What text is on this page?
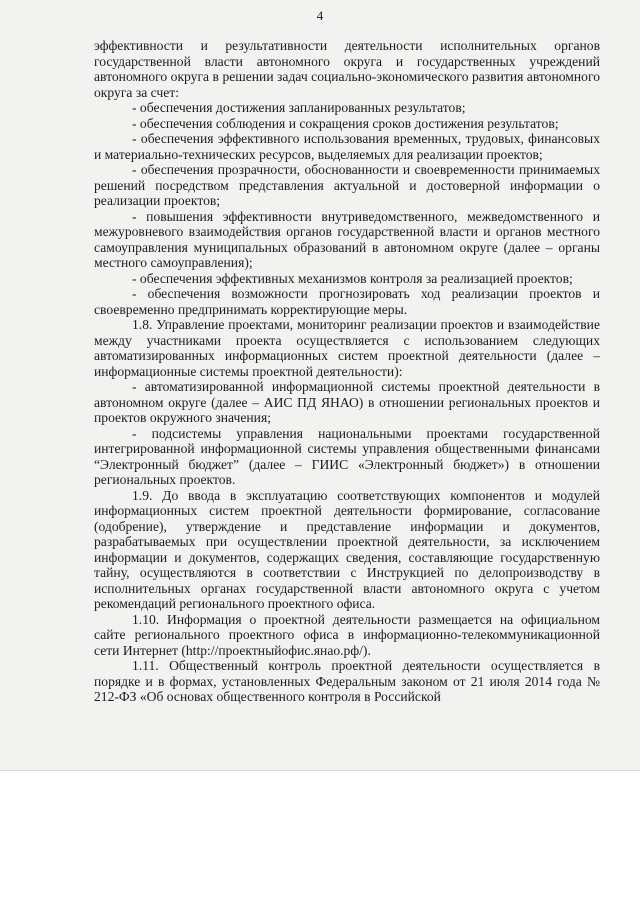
4

эффективности и результативности деятельности исполнительных органов государственной власти автономного округа и государственных учреждений автономного округа в решении задач социально-экономического развития автономного округа за счет:

- обеспечения достижения запланированных результатов;

- обеспечения соблюдения и сокращения сроков достижения результатов;

- обеспечения эффективного использования временных, трудовых, финансовых и материально-технических ресурсов, выделяемых для реализации проектов;

- обеспечения прозрачности, обоснованности и своевременности принимаемых решений посредством представления актуальной и достоверной информации о реализации проектов;

- повышения эффективности внутриведомственного, межведомственного и межуровневого взаимодействия органов государственной власти и органов местного самоуправления муниципальных образований в автономном округе (далее – органы местного самоуправления);

- обеспечения эффективных механизмов контроля за реализацией проектов;

- обеспечения возможности прогнозировать ход реализации проектов и своевременно предпринимать корректирующие меры.

1.8. Управление проектами, мониторинг реализации проектов и взаимодействие между участниками проекта осуществляется с использованием следующих автоматизированных информационных систем проектной деятельности (далее – информационные системы проектной деятельности):

- автоматизированной информационной системы проектной деятельности в автономном округе (далее – АИС ПД ЯНАО) в отношении региональных проектов и проектов окружного значения;

- подсистемы управления национальными проектами государственной интегрированной информационной системы управления общественными финансами “Электронный бюджет” (далее – ГИИС «Электронный бюджет») в отношении региональных проектов.

1.9. До ввода в эксплуатацию соответствующих компонентов и модулей информационных систем проектной деятельности формирование, согласование (одобрение), утверждение и представление информации и документов, разрабатываемых при осуществлении проектной деятельности, за исключением информации и документов, содержащих сведения, составляющие государственную тайну, осуществляются в соответствии с Инструкцией по делопроизводству в исполнительных органах государственной власти автономного округа с учетом рекомендаций регионального проектного офиса.

1.10. Информация о проектной деятельности размещается на официальном сайте регионального проектного офиса в информационно-телекоммуникационной сети Интернет (http://проектныйофис.янао.рф/).

1.11. Общественный контроль проектной деятельности осуществляется в порядке и в формах, установленных Федеральным законом от 21 июля 2014 года № 212-ФЗ «Об основах общественного контроля в Российской
